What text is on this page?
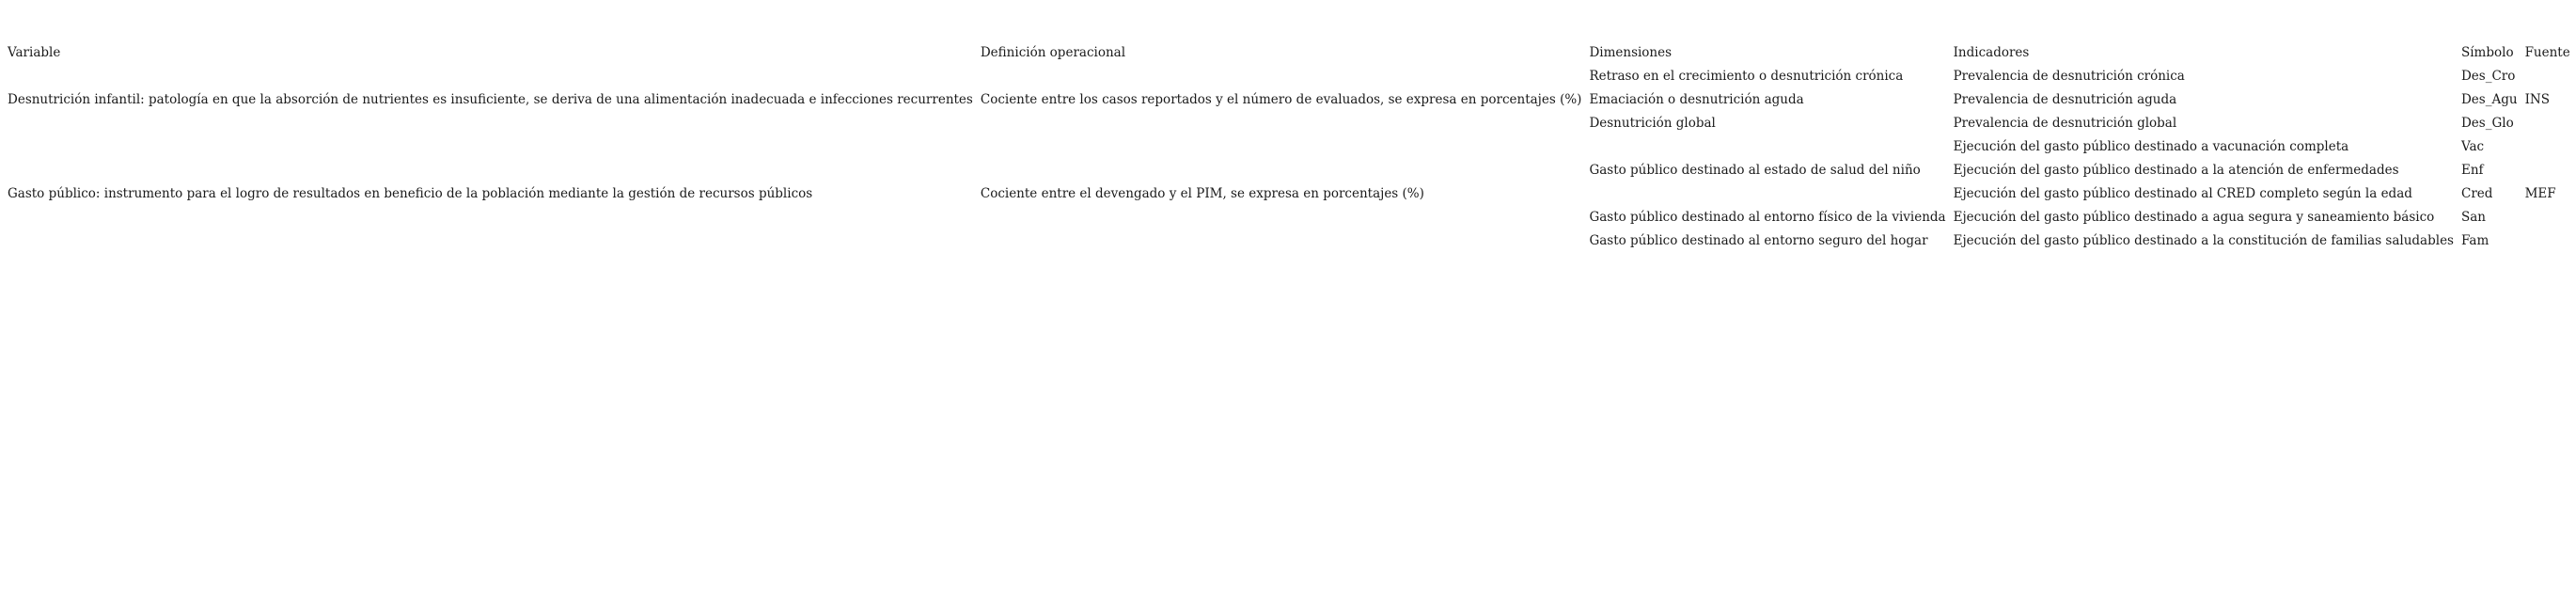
Variable	Definición operacional	Dimensiones	Indicadores	Símbolo	Fuente
Desnutrición infantil: patología en que la absorción de nutrientes es insuficiente, se deriva de una alimentación inadecuada e infecciones recurrentes	Cociente entre los casos reportados y el número de evaluados, se expresa en porcentajes (%)	Retraso en el crecimiento o desnutrición crónica	Prevalencia de desnutrición crónica	Des_Cro	INS
		Emaciación o desnutrición aguda	Prevalencia de desnutrición aguda	Des_Agu	
		Desnutrición global	Prevalencia de desnutrición global	Des_Glo	
Gasto público: instrumento para el logro de resultados en beneficio de la población mediante la gestión de recursos públicos	Cociente entre el devengado y el PIM, se expresa en porcentajes (%)	Gasto público destinado al estado de salud del niño	Ejecución del gasto público destinado a vacunación completa	Vac	MEF
			Ejecución del gasto público destinado a la atención de enfermedades	Enf	
			Ejecución del gasto público destinado al CRED completo según la edad	Cred	
		Gasto público destinado al entorno físico de la vivienda	Ejecución del gasto público destinado a agua segura y saneamiento básico	San	
		Gasto público destinado al entorno seguro del hogar	Ejecución del gasto público destinado a la constitución de familias saludables	Fam	
